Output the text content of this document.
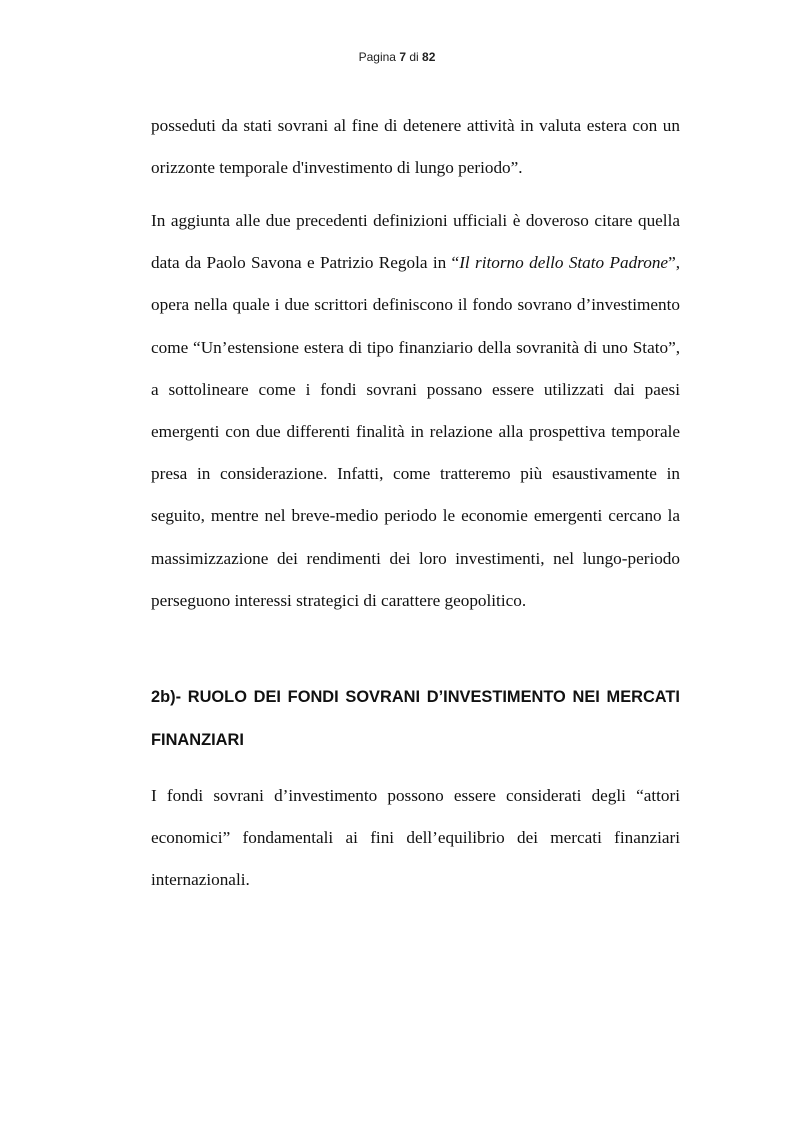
Pagina 7 di 82

posseduti da stati sovrani al fine di detenere attività in valuta estera con un orizzonte temporale d'investimento di lungo periodo”.

In aggiunta alle due precedenti definizioni ufficiali è doveroso citare quella data da Paolo Savona e Patrizio Regola in “Il ritorno dello Stato Padrone”, opera nella quale i due scrittori definiscono il fondo sovrano d’investimento come “Un’estensione estera di tipo finanziario della sovranità di uno Stato”, a sottolineare come i fondi sovrani possano essere utilizzati dai paesi emergenti con due differenti finalità in relazione alla prospettiva temporale presa in considerazione. Infatti, come tratteremo più esaustivamente in seguito, mentre nel breve-medio periodo le economie emergenti cercano la massimizzazione dei rendimenti dei loro investimenti, nel lungo-periodo perseguono interessi strategici di carattere geopolitico.

2b)- RUOLO DEI FONDI SOVRANI D’INVESTIMENTO NEI MERCATI FINANZIARI

I fondi sovrani d’investimento possono essere considerati degli “attori economici” fondamentali ai fini dell’equilibrio dei mercati finanziari internazionali.
